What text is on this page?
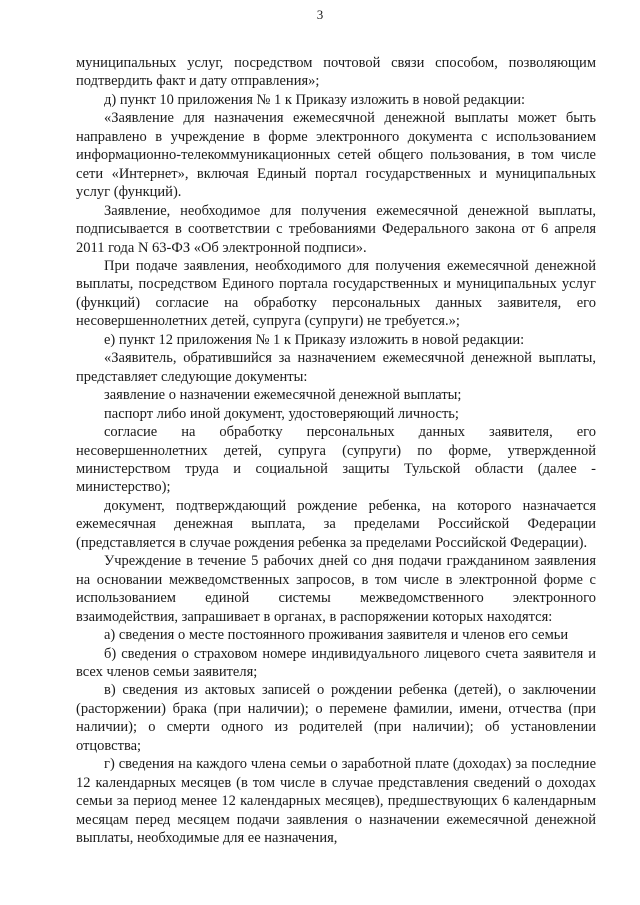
3

муниципальных услуг, посредством почтовой связи способом, позволяющим подтвердить факт и дату отправления»;

д) пункт 10 приложения № 1 к Приказу изложить в новой редакции:

«Заявление для назначения ежемесячной денежной выплаты может быть направлено в учреждение в форме электронного документа с использованием информационно-телекоммуникационных сетей общего пользования, в том числе сети «Интернет», включая Единый портал государственных и муниципальных услуг (функций).

Заявление, необходимое для получения ежемесячной денежной выплаты, подписывается в соответствии с требованиями Федерального закона от 6 апреля 2011 года N 63-ФЗ «Об электронной подписи».

При подаче заявления, необходимого для получения ежемесячной денежной выплаты, посредством Единого портала государственных и муниципальных услуг (функций) согласие на обработку персональных данных заявителя, его несовершеннолетних детей, супруга (супруги) не требуется.»;

е) пункт 12 приложения № 1 к Приказу изложить в новой редакции:

«Заявитель, обратившийся за назначением ежемесячной денежной выплаты, представляет следующие документы:

заявление о назначении ежемесячной денежной выплаты;

паспорт либо иной документ, удостоверяющий личность;

согласие на обработку персональных данных заявителя, его несовершеннолетних детей, супруга (супруги) по форме, утвержденной министерством труда и социальной защиты Тульской области (далее - министерство);

документ, подтверждающий рождение ребенка, на которого назначается ежемесячная денежная выплата, за пределами Российской Федерации (представляется в случае рождения ребенка за пределами Российской Федерации).

Учреждение в течение 5 рабочих дней со дня подачи гражданином заявления на основании межведомственных запросов, в том числе в электронной форме с использованием единой системы межведомственного электронного взаимодействия, запрашивает в органах, в распоряжении которых находятся:

а) сведения о месте постоянного проживания заявителя и членов его семьи

б) сведения о страховом номере индивидуального лицевого счета заявителя и всех членов семьи заявителя;

в) сведения из актовых записей о рождении ребенка (детей), о заключении (расторжении) брака (при наличии); о перемене фамилии, имени, отчества (при наличии); о смерти одного из родителей (при наличии); об установлении отцовства;

г) сведения на каждого члена семьи о заработной плате (доходах) за последние 12 календарных месяцев (в том числе в случае представления сведений о доходах семьи за период менее 12 календарных месяцев), предшествующих 6 календарным месяцам перед месяцем подачи заявления о назначении ежемесячной денежной выплаты, необходимые для ее назначения,
